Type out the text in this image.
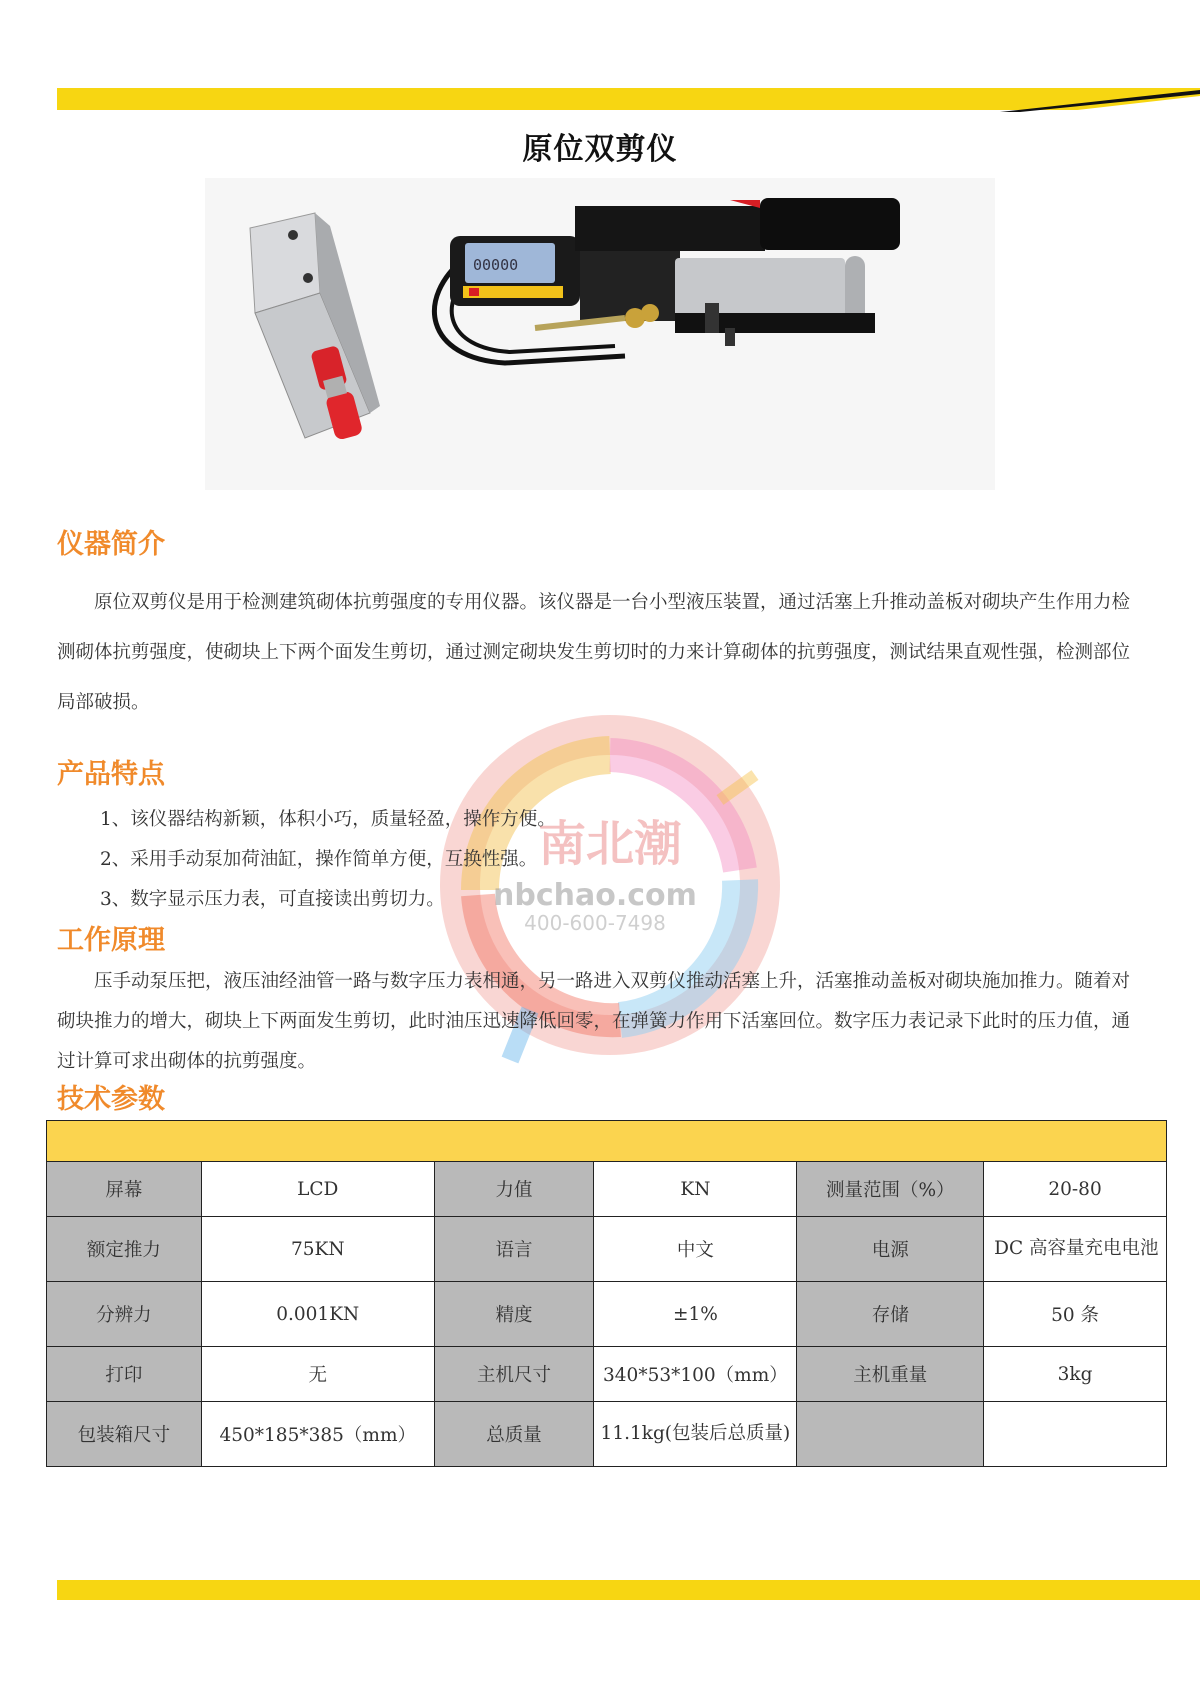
原位双剪仪
00000
仪器简介
原位双剪仪是用于检测建筑砌体抗剪强度的专用仪器。该仪器是一台小型液压装置，通过活塞上升推动盖板对砌块产生作用力检测砌体抗剪强度，使砌块上下两个面发生剪切，通过测定砌块发生剪切时的力来计算砌体的抗剪强度，测试结果直观性强，检测部位局部破损。
南北潮
nbchao.com
400-600-7498
产品特点
1、该仪器结构新颖，体积小巧，质量轻盈，操作方便。
2、采用手动泵加荷油缸，操作简单方便，互换性强。
3、数字显示压力表，可直接读出剪切力。
工作原理
压手动泵压把，液压油经油管一路与数字压力表相通，另一路进入双剪仪推动活塞上升，活塞推动盖板对砌块施加推力。随着对砌块推力的增大，砌块上下两面发生剪切，此时油压迅速降低回零，在弹簧力作用下活塞回位。数字压力表记录下此时的压力值，通过计算可求出砌体的抗剪强度。
技术参数

屏幕	LCD	力值	KN	测量范围（%）	20-80
额定推力	75KN	语言	中文	电源	DC 高容量充电电池
分辨力	0.001KN	精度	±1%	存储	50 条
打印	无	主机尺寸	340*53*100（mm）	主机重量	3kg
包装箱尺寸	450*185*385（mm）	总质量	11.1kg(包装后总质量)		
